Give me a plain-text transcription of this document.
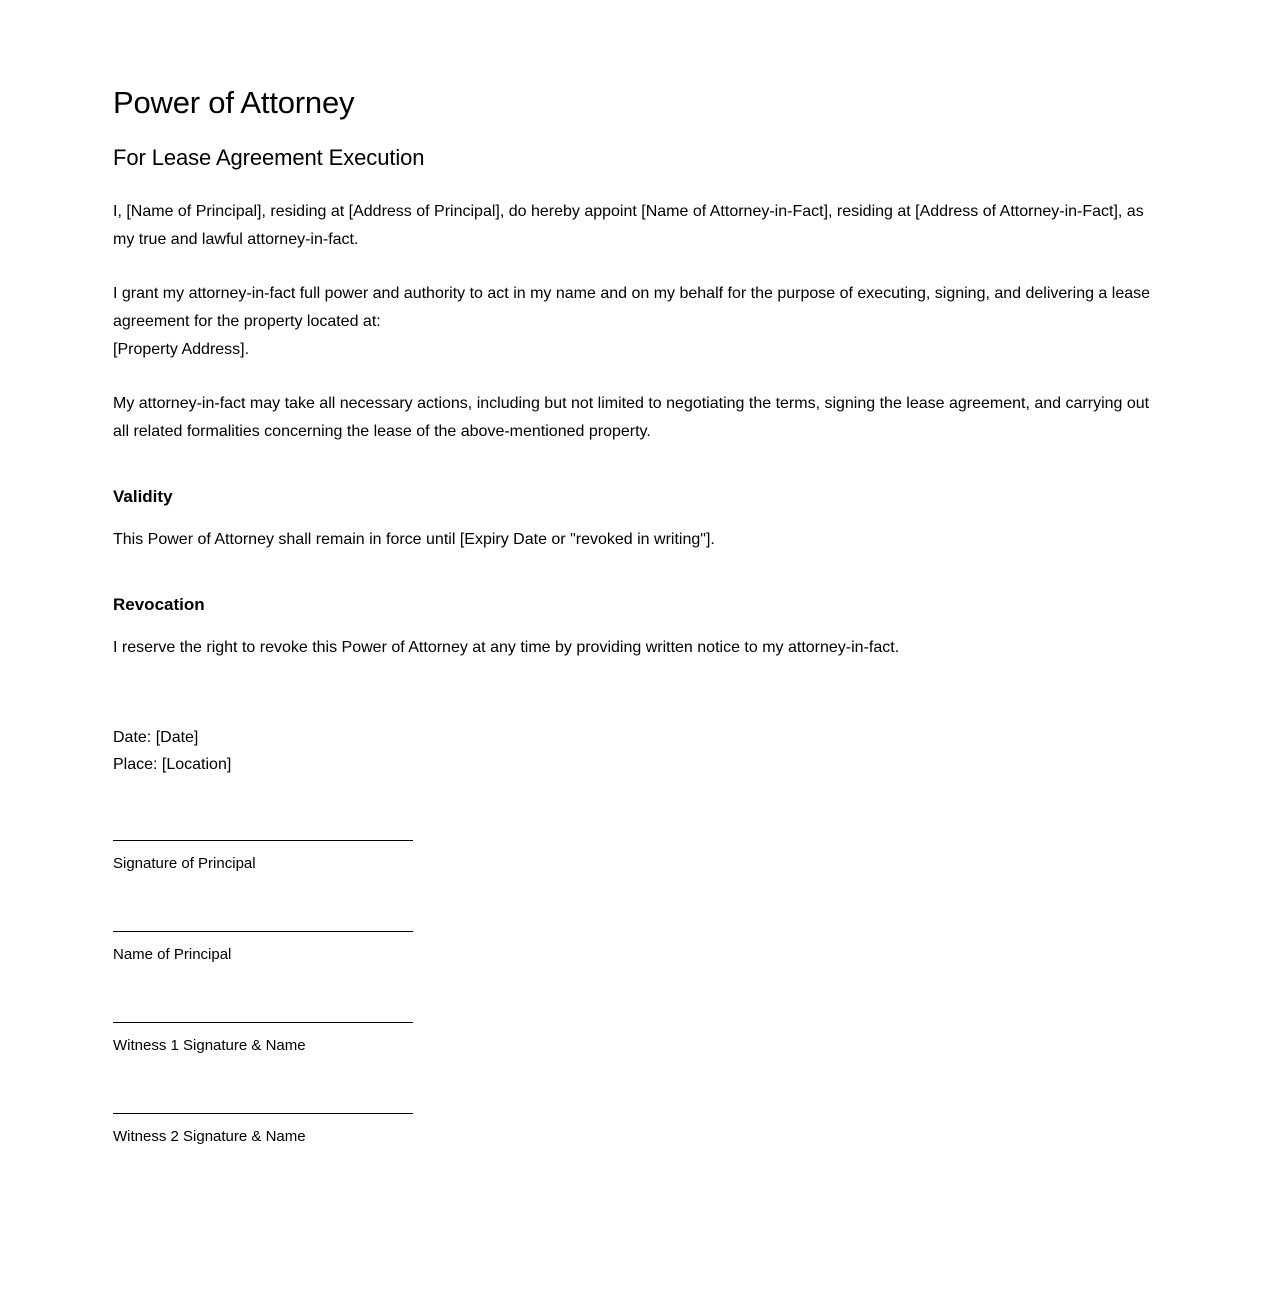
Power of Attorney
For Lease Agreement Execution

I, [Name of Principal], residing at [Address of Principal], do hereby appoint [Name of Attorney-in-Fact], residing at [Address of Attorney-in-Fact], as my true and lawful attorney-in-fact.

I grant my attorney-in-fact full power and authority to act in my name and on my behalf for the purpose of executing, signing, and delivering a lease agreement for the property located at:
[Property Address].

My attorney-in-fact may take all necessary actions, including but not limited to negotiating the terms, signing the lease agreement, and carrying out all related formalities concerning the lease of the above-mentioned property.

Validity

This Power of Attorney shall remain in force until [Expiry Date or "revoked in writing"].

Revocation

I reserve the right to revoke this Power of Attorney at any time by providing written notice to my attorney-in-fact.

Date: [Date]
Place: [Location]
Signature of Principal
Name of Principal
Witness 1 Signature & Name
Witness 2 Signature & Name
